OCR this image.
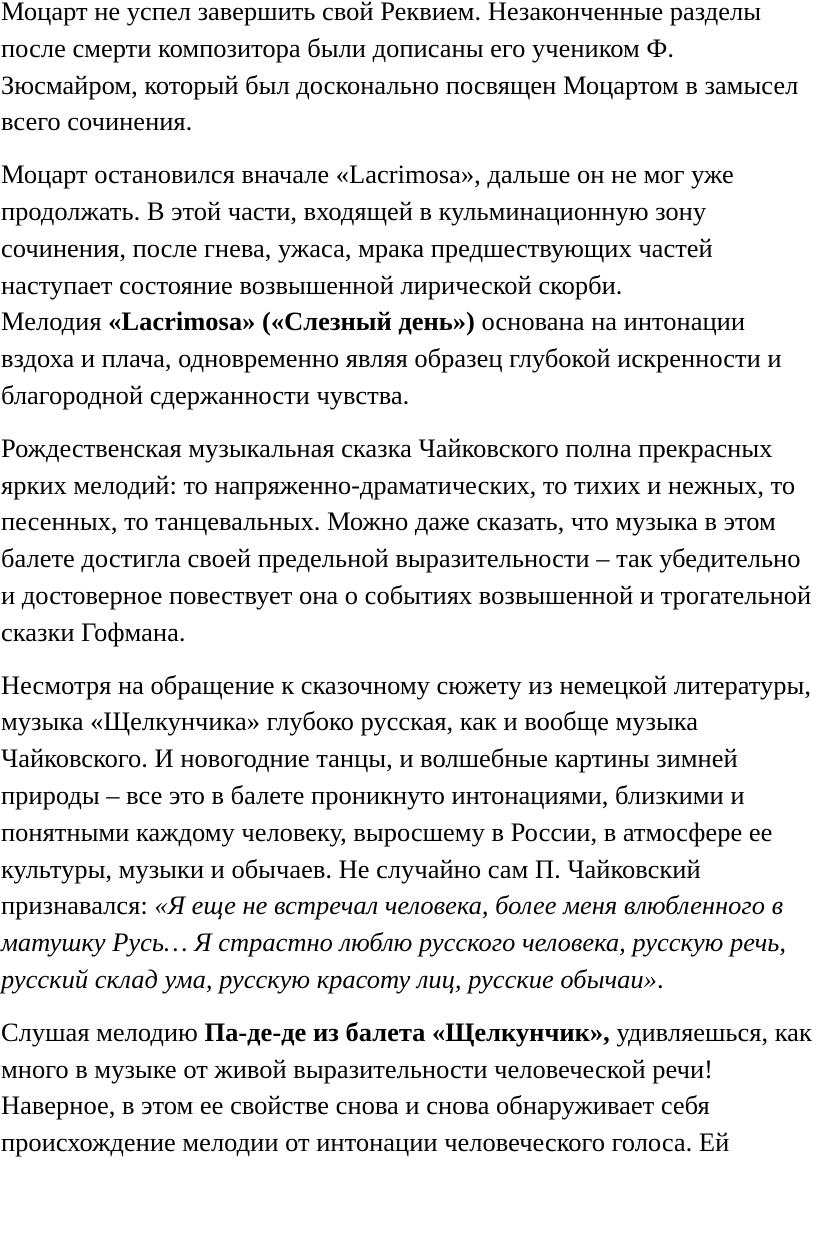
Моцарт не успел завершить свой Реквием. Незаконченные разделы после смерти композитора были дописаны его учеником Ф. Зюсмайром, который был досконально посвящен Моцартом в замысел всего сочинения.

Моцарт остановился вначале «Lacrimosa», дальше он не мог уже продолжать. В этой части, входящей в кульминационную зону сочинения, после гнева, ужаса, мрака предшествующих частей наступает состояние возвышенной лирической скорби.

Мелодия «Lacrimosa» («Слезный день») основана на интонации вздоха и плача, одновременно являя образец глубокой искренности и благородной сдержанности чувства.

Рождественская музыкальная сказка Чайковского полна прекрасных ярких мелодий: то напряженно-драматических, то тихих и нежных, то песенных, то танцевальных. Можно даже сказать, что музыка в этом балете достигла своей предельной выразительности – так убедительно и достоверное повествует она о событиях возвышенной и трогательной сказки Гофмана.

Несмотря на обращение к сказочному сюжету из немецкой литературы, музыка «Щелкунчика» глубоко русская, как и вообще музыка Чайковского. И новогодние танцы, и волшебные картины зимней природы – все это в балете проникнуто интонациями, близкими и понятными каждому человеку, выросшему в России, в атмосфере ее культуры, музыки и обычаев. Не случайно сам П. Чайковский признавался: «Я еще не встречал человека, более меня влюбленного в матушку Русь… Я страстно люблю русского человека, русскую речь, русский склад ума, русскую красоту лиц, русские обычаи».

Слушая мелодию Па-де-де из балета «Щелкунчик», удивляешься, как много в музыке от живой выразительности человеческой речи! Наверное, в этом ее свойстве снова и снова обнаруживает себя происхождение мелодии от интонации человеческого голоса. Ей
